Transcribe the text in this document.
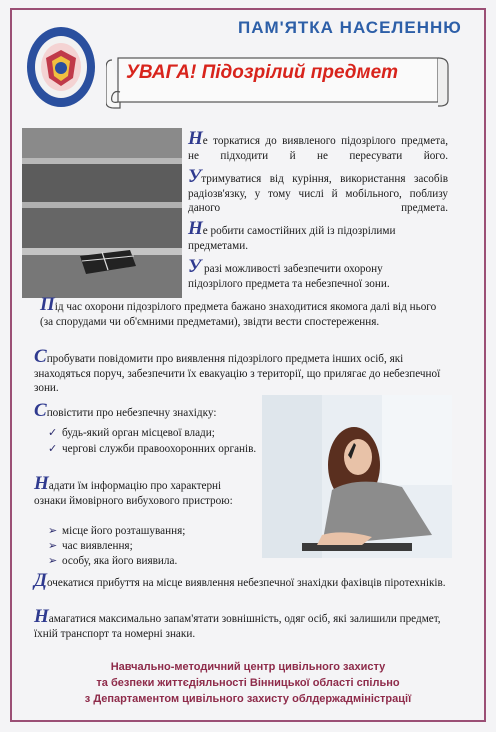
ПАМ'ЯТКА НАСЕЛЕННЮ
УВАГА! Підозрілий предмет
Не торкатися до виявленого підозрілого предмета, не підходити й не пересувати його.
Утримуватися від куріння, використання засобів радіозв'язку, у тому числі й мобільного, поблизу даного предмета.
Не робити самостійних дій із підозрілими предметами.
У разі можливості забезпечити охорону підозрілого предмета та небезпечної зони.
Під час охорони підозрілого предмета бажано знаходитися якомога далі від нього (за спорудами чи об'ємними предметами), звідти вести спостереження.
Спробувати повідомити про виявлення підозрілого предмета інших осіб, які знаходяться поруч, забезпечити їх евакуацію з території, що прилягає до небезпечної зони.
Сповістити про небезпечну знахідку:
✓ будь-який орган місцевої влади;
✓ чергові служби правоохоронних органів.
Надати їм інформацію про характерні ознаки ймовірного вибухового пристрою:
➢ місце його розташування;
➢ час виявлення;
➢ особу, яка його виявила.
Дочекатися прибуття на місце виявлення небезпечної знахідки фахівців піротехніків.
Намагатися максимально запам'ятати зовнішність, одяг осіб, які залишили предмет, їхній транспорт та номерні знаки.
Навчально-методичний центр цивільного захисту
та безпеки життєдіяльності Вінницької області спільно
з Департаментом цивільного захисту облдержадміністрації
